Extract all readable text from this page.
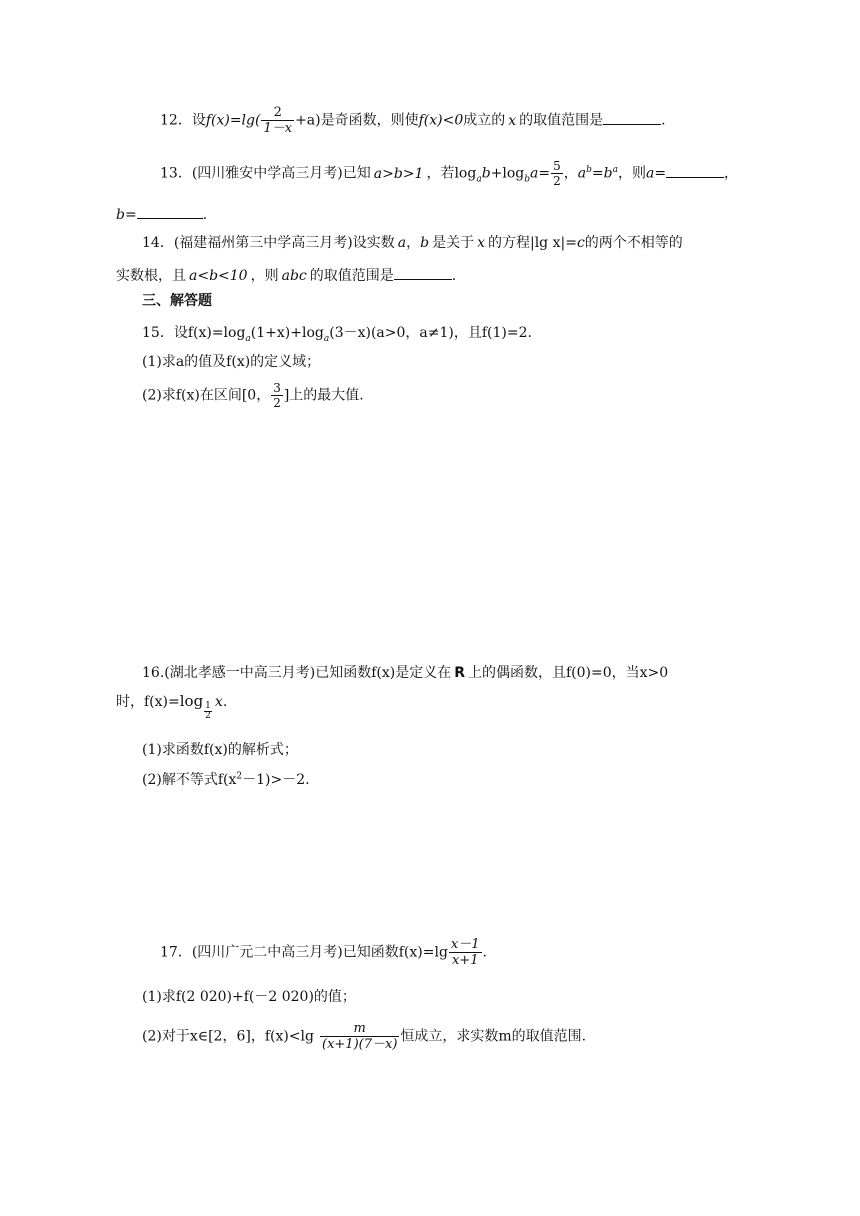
12．设$f(x)=\lg( \frac{2}{1-x} +a)$是奇函数，则使f(x)<0成立的 x 的取值范围是	.
13．(四川雅安中学高三月考)已知 a>b>1 ，若$\log_ab+\log_ba= \frac{5}{2}$ ，$a^b=b^a$，则a=	，
b=	.
14．(福建福州第三中学高三月考)设实数 a，b 是关于 x 的方程|lg x|=c的两个不相等的
实数根，且 a<b<10 ，则 abc 的取值范围是	.
三、解答题
15．设$f(x)=\log_a(1+x)+\log_a(3-x)(a>0$，a≠1)，且f(1)=2.
(1)求a的值及f(x)的定义域；
(2)求f(x)在区间[0， $\frac{3}{2}$ ]上的最大值.
16.(湖北孝感一中高三月考)已知函数f(x)是定义在 R 上的偶函数，且f(0)=0，当x>0
时，f(x)=log
$\frac{1}{2} x$.
(1)求函数f(x)的解析式；
(2)解不等式$f(x^2-1)>-2$.
17．(四川广元二中高三月考)已知函数$f(x)=\lg \frac{x-1}{x+1}$ .
(1)求f(2 020)+f(－2 020)的值；
(2)对于x∈[2，6]，$f(x)<\lg \frac{m}{(x+1)(7-x)}$ 恒成立，求实数m的取值范围.
